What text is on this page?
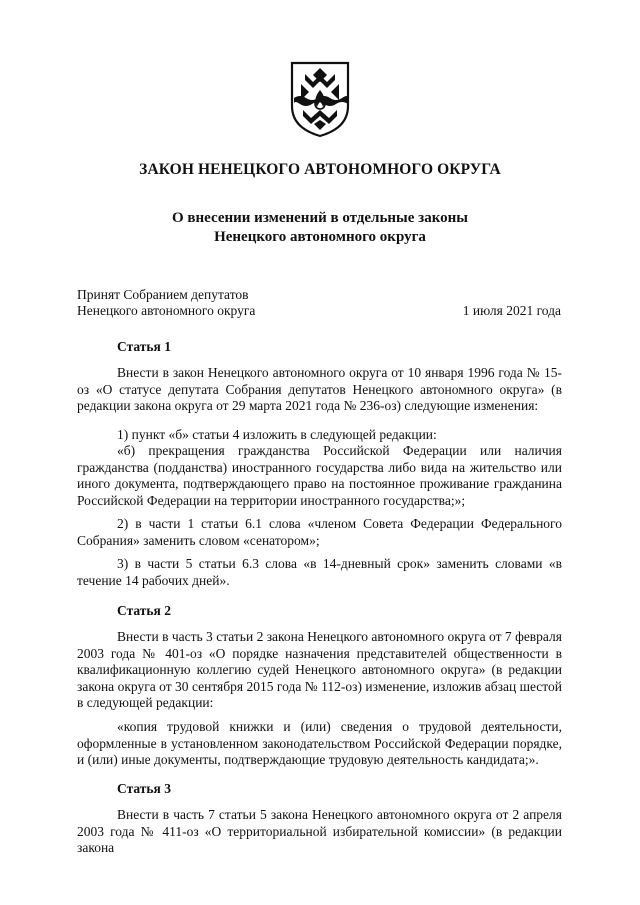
ЗАКОН НЕНЕЦКОГО АВТОНОМНОГО ОКРУГА
О внесении изменений в отдельные законы
Ненецкого автономного округа
Принят Собранием депутатов
Ненецкого автономного округа	1 июля 2021 года
Статья 1

Внести в закон Ненецкого автономного округа от 10 января 1996 года № 15-оз «О статусе депутата Собрания депутатов Ненецкого автономного округа» (в редакции закона округа от 29 марта 2021 года № 236-оз) следующие изменения:

1) пункт «б» статьи 4 изложить в следующей редакции:

«б) прекращения гражданства Российской Федерации или наличия гражданства (подданства) иностранного государства либо вида на жительство или иного документа, подтверждающего право на постоянное проживание гражданина Российской Федерации на территории иностранного государства;»;

2) в части 1 статьи 6.1 слова «членом Совета Федерации Федерального Собрания» заменить словом «сенатором»;

3) в части 5 статьи 6.3 слова «в 14-дневный срок» заменить словами «в течение 14 рабочих дней».

Статья 2

Внести в часть 3 статьи 2 закона Ненецкого автономного округа от 7 февраля 2003 года № 401-оз «О порядке назначения представителей общественности в квалификационную коллегию судей Ненецкого автономного округа» (в редакции закона округа от 30 сентября 2015 года № 112-оз) изменение, изложив абзац шестой в следующей редакции:

«копия трудовой книжки и (или) сведения о трудовой деятельности, оформленные в установленном законодательством Российской Федерации порядке, и (или) иные документы, подтверждающие трудовую деятельность кандидата;».

Статья 3

Внести в часть 7 статьи 5 закона Ненецкого автономного округа от 2 апреля 2003 года № 411-оз «О территориальной избирательной комиссии» (в редакции закона
